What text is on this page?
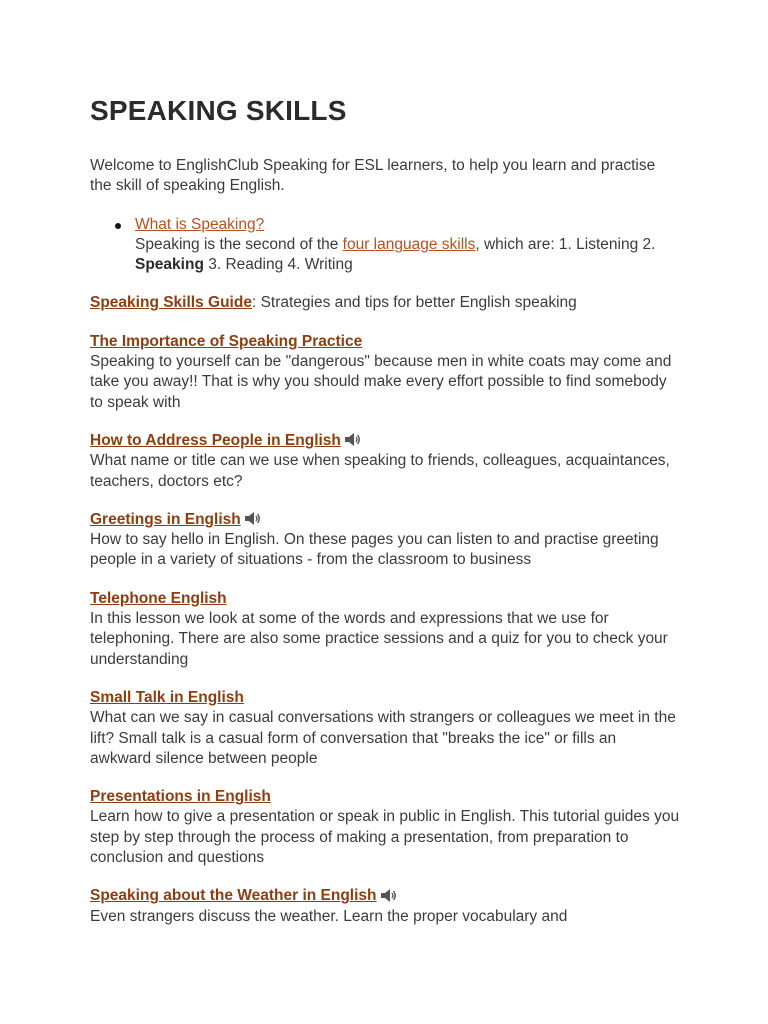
SPEAKING SKILLS

Welcome to EnglishClub Speaking for ESL learners, to help you learn and practise the skill of speaking English.

What is Speaking?
Speaking is the second of the four language skills, which are: 1. Listening 2. Speaking 3. Reading 4. Writing

Speaking Skills Guide: Strategies and tips for better English speaking

The Importance of Speaking Practice

Speaking to yourself can be "dangerous" because men in white coats may come and take you away!! That is why you should make every effort possible to find somebody to speak with

How to Address People in English

What name or title can we use when speaking to friends, colleagues, acquaintances, teachers, doctors etc?

Greetings in English

How to say hello in English. On these pages you can listen to and practise greeting people in a variety of situations - from the classroom to business

Telephone English

In this lesson we look at some of the words and expressions that we use for telephoning. There are also some practice sessions and a quiz for you to check your understanding

Small Talk in English

What can we say in casual conversations with strangers or colleagues we meet in the lift? Small talk is a casual form of conversation that "breaks the ice" or fills an awkward silence between people

Presentations in English

Learn how to give a presentation or speak in public in English. This tutorial guides you step by step through the process of making a presentation, from preparation to conclusion and questions

Speaking about the Weather in English

Even strangers discuss the weather. Learn the proper vocabulary and
